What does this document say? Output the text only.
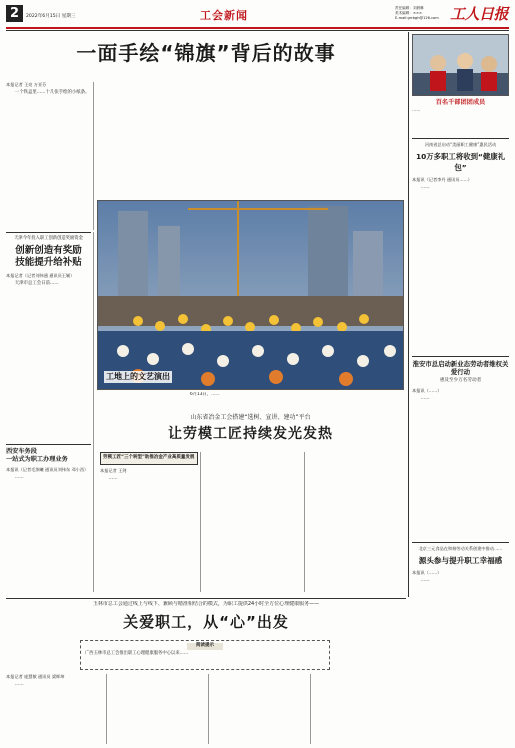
2	2022年6月15日 星期三	工会新闻
责任编辑：刘晨琳
美术编辑：×××
E-mail:grrbgh@126.com 工人日报
一面手绘“锦旗”背后的故事
本报记者 王亮 万亚芬

一个铁盒里……十几张手绘的小纸条。

天津今年投入职工创新创造奖励资金
创新创造有奖励
技能提升给补贴
本报记者（记者刘伟通 通讯员王颖）

天津市总工会日前……

西安车务段
一站式为职工办理业务
本报讯（记者毛浓曦 通讯员刘伟东 邓小西）

……

工地上的文艺演出
6月13日，……
山东省冶金工会搭建“选树、宣讲、建功”平台
让劳模工匠持续发光发热
劳模工匠“三个转型”助推冶金产业高质量发展
本报记者 王剑

……

百名千部团团成员
……
河南省总启动“美丽职工健康”惠民活动
10万多职工将收到“健康礼包”
本报讯（记者李丹 通讯员……）

……

淮安市总启动新业态劳动者维权关爱行动
惠及至少万名劳动者
本报讯（……）

……

北京三元食品在和谐劳动关系创建中推动……
源头参与提升职工幸福感
本报讯（……）

……

玉林市总工会通过线上与线下、兼顾与精准相结合的模式，为职工提供24小时全方位心理健康服务——
关爱职工，从“心”出发
阅读提示
广西玉林市总工会推出职工心理健康服务中心以来……
本报记者 庞慧敏 通讯员 梁辉坤

……
